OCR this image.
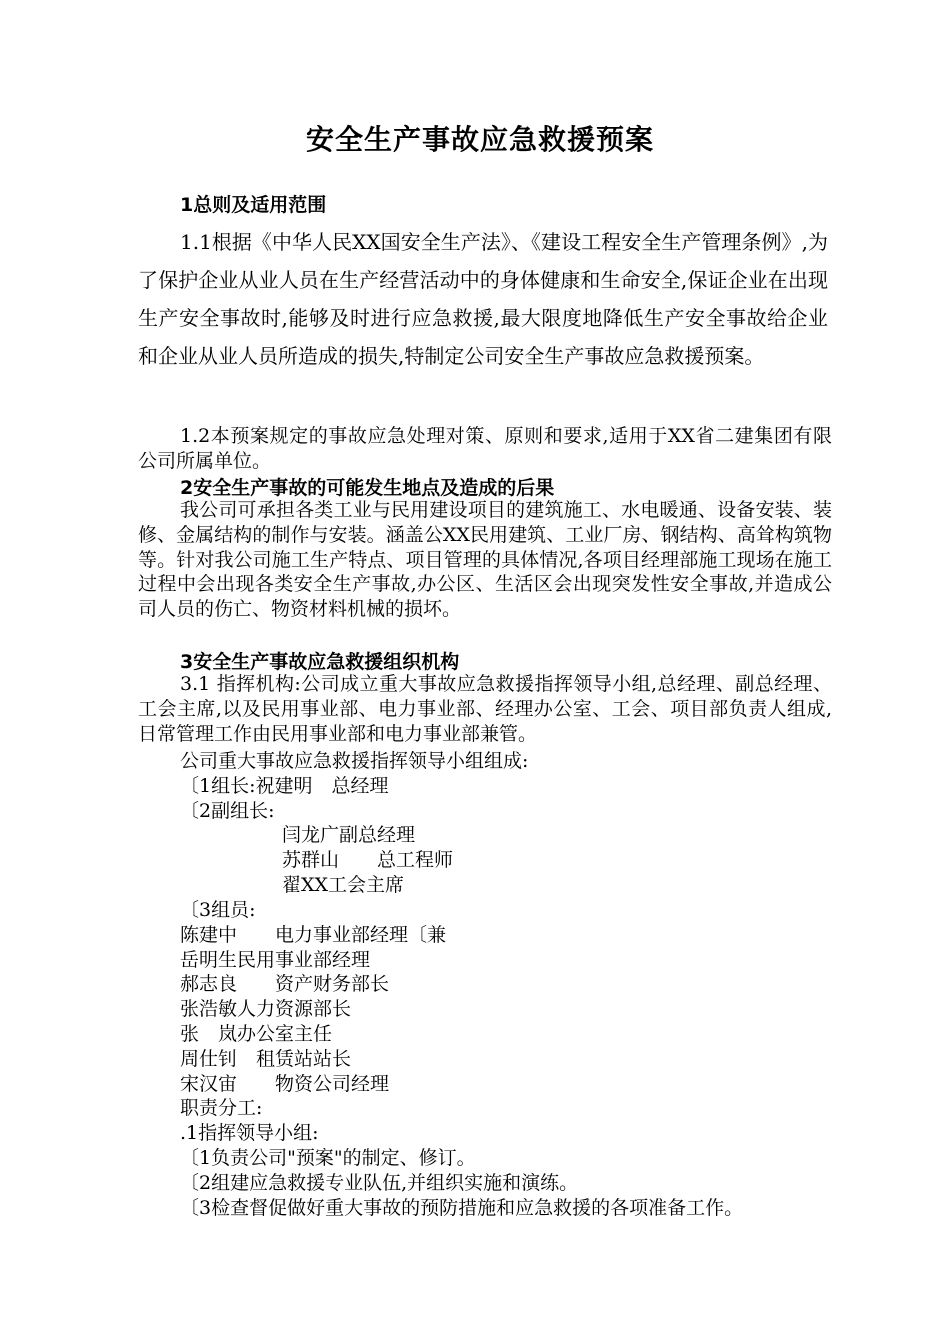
安全生产事故应急救援预案
1总则及适用范围
1.1根据《中华人民XX国安全生产法》、《建设工程安全生产管理条例》,为了保护企业从业人员在生产经营活动中的身体健康和生命安全,保证企业在出现生产安全事故时,能够及时进行应急救援,最大限度地降低生产安全事故给企业和企业从业人员所造成的损失,特制定公司安全生产事故应急救援预案。
1.2本预案规定的事故应急处理对策、原则和要求,适用于XX省二建集团有限公司所属单位。
2安全生产事故的可能发生地点及造成的后果
我公司可承担各类工业与民用建设项目的建筑施工、水电暖通、设备安装、装修、金属结构的制作与安装。涵盖公XX民用建筑、工业厂房、钢结构、高耸构筑物等。针对我公司施工生产特点、项目管理的具体情况,各项目经理部施工现场在施工过程中会出现各类安全生产事故,办公区、生活区会出现突发性安全事故,并造成公司人员的伤亡、物资材料机械的损坏。
3安全生产事故应急救援组织机构
3.1 指挥机构:公司成立重大事故应急救援指挥领导小组,总经理、副总经理、工会主席,以及民用事业部、电力事业部、经理办公室、工会、项目部负责人组成,日常管理工作由民用事业部和电力事业部兼管。
公司重大事故应急救援指挥领导小组组成:
〔1组长:祝建明　总经理
〔2副组长:
闫龙广副总经理
苏群山　　总工程师
翟XX工会主席
〔3组员:
陈建中　　电力事业部经理〔兼
岳明生民用事业部经理
郝志良　　资产财务部长
张浩敏人力资源部长
张　岚办公室主任
周仕钊　租赁站站长
宋汉宙　　物资公司经理
职责分工:
.1指挥领导小组:
〔1负责公司"预案"的制定、修订。
〔2组建应急救援专业队伍,并组织实施和演练。
〔3检查督促做好重大事故的预防措施和应急救援的各项准备工作。
